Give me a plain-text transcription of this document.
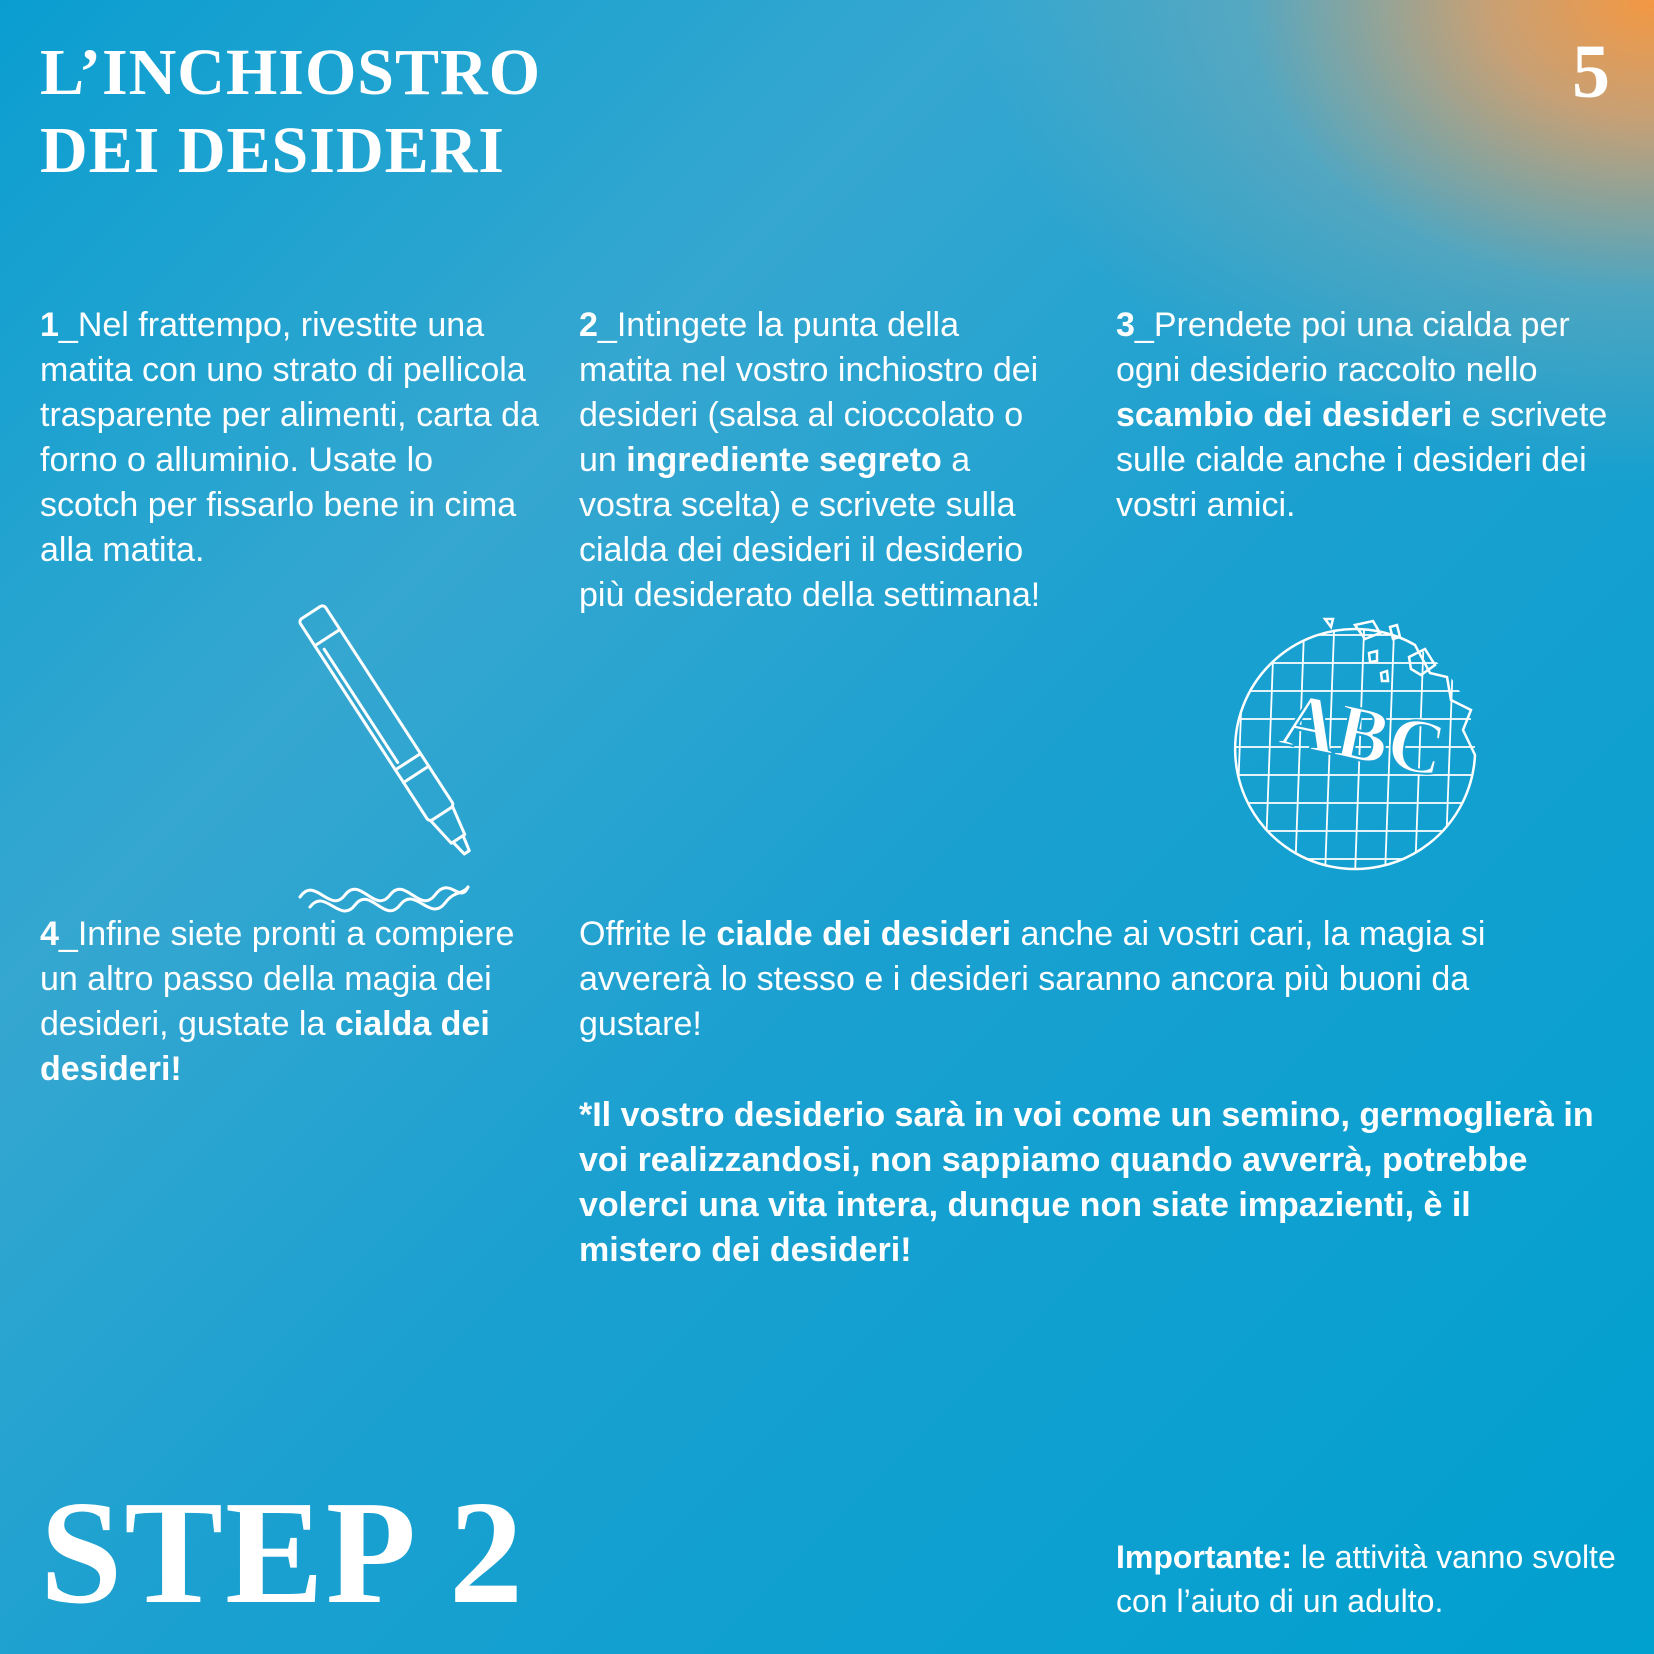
L’INCHIOSTRO
DEI DESIDERI
5
1_Nel frattempo, rivestite una matita con uno strato di pellicola trasparente per alimenti, carta da forno o alluminio. Usate lo scotch per fissarlo bene in cima alla matita.
2_Intingete la punta della matita nel vostro inchiostro dei desideri (salsa al cioccolato o un ingrediente segreto a vostra scelta) e scrivete sulla cialda dei desideri il desiderio più desiderato della settimana!
3_Prendete poi una cialda per ogni desiderio raccolto nello scambio dei desideri e scrivete sulle cialde anche i desideri dei vostri amici.
4_Infine siete pronti a compiere un altro passo della magia dei desideri, gustate la cialda dei desideri!
Offrite le cialde dei desideri anche ai vostri cari, la magia si avvererà lo stesso e i desideri saranno ancora più buoni da gustare!
*Il vostro desiderio sarà in voi come un semino, germoglierà in voi realizzandosi, non sappiamo quando avverrà, potrebbe volerci una vita intera, dunque non siate impazienti, è il mistero dei desideri!
ABC
STEP 2	Importante: le attività vanno svolte con l’aiuto di un adulto.
